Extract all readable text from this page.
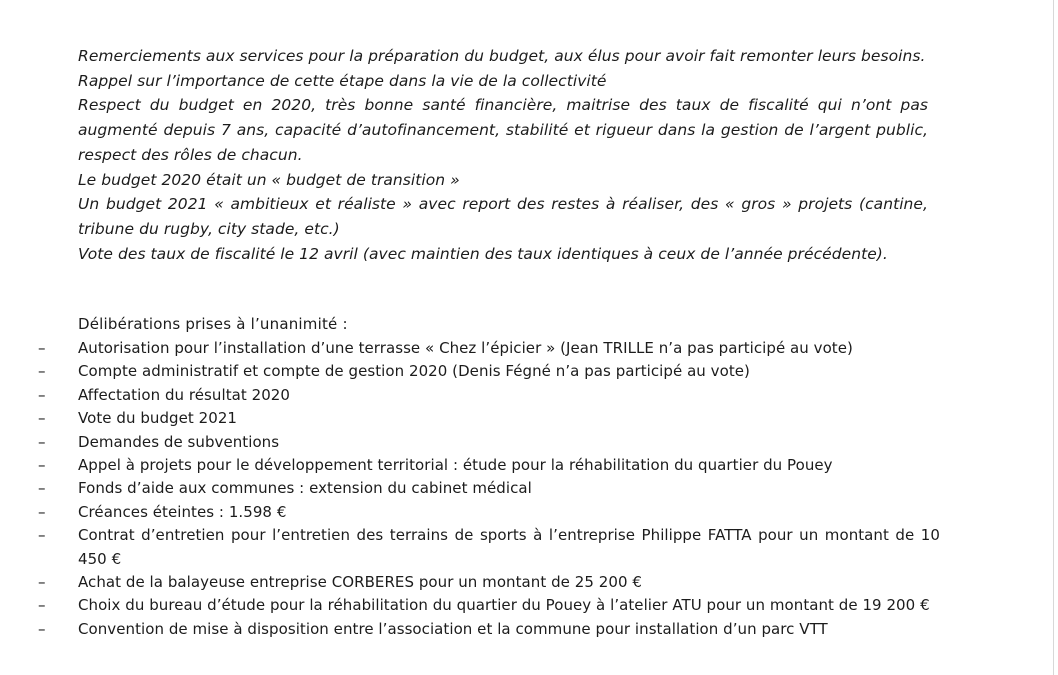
Remerciements aux services pour la préparation du budget, aux élus pour avoir fait remonter leurs besoins.

Rappel sur l’importance de cette étape dans la vie de la collectivité

Respect du budget en 2020, très bonne santé financière, maitrise des taux de fiscalité qui n’ont pas augmenté depuis 7 ans, capacité d’autofinancement, stabilité et rigueur dans la gestion de l’argent public, respect des rôles de chacun.

Le budget 2020 était un « budget de transition »

Un budget 2021 « ambitieux et réaliste » avec report des restes à réaliser, des « gros » projets (cantine, tribune du rugby, city stade, etc.)

Vote des taux de fiscalité le 12 avril (avec maintien des taux identiques à ceux de l’année précédente).

Délibérations prises à l’unanimité :
–	Autorisation pour l’installation d’une terrasse « Chez l’épicier » (Jean TRILLE n’a pas participé au vote)
–	Compte administratif et compte de gestion 2020 (Denis Fégné n’a pas participé au vote)
–	Affectation du résultat 2020
–	Vote du budget 2021
–	Demandes de subventions
–	Appel à projets pour le développement territorial : étude pour la réhabilitation du quartier du Pouey
–	Fonds d’aide aux communes : extension du cabinet médical
–	Créances éteintes : 1.598 €
–	Contrat d’entretien pour l’entretien des terrains de sports à l’entreprise Philippe FATTA pour un montant de 10 450 €
–	Achat de la balayeuse entreprise CORBERES pour un montant de 25 200 €
–	Choix du bureau d’étude pour la réhabilitation du quartier du Pouey à l’atelier ATU pour un montant de 19 200 €
–	Convention de mise à disposition entre l’association et la commune pour installation d’un parc VTT
